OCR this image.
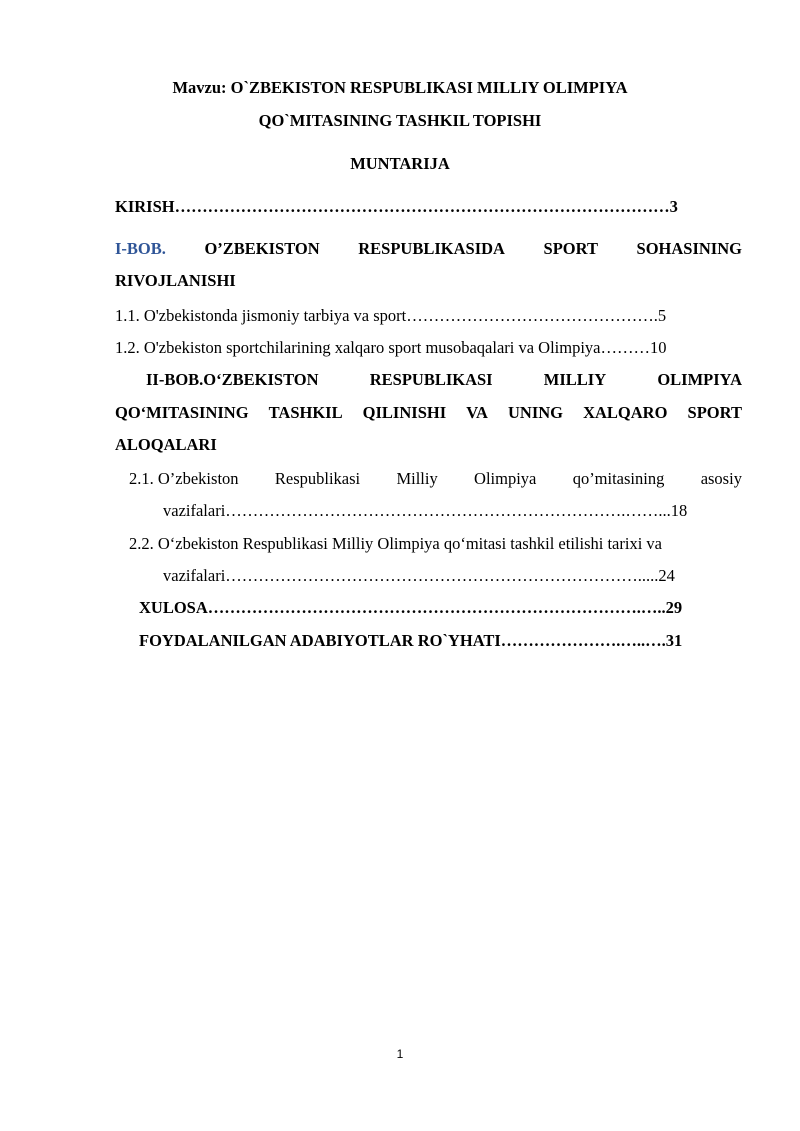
Mavzu: O`ZBEKISTON RESPUBLIKASI MILLIY OLIMPIYA
QO`MITASINING TASHKIL TOPISHI
MUNTARIJA
KIRISH………………………………………………………………………………3
I-BOB. O’ZBEKISTON RESPUBLIKASIDA SPORT SOHASINING
RIVOJLANISHI
1.1. O'zbekistonda jismoniy tarbiya va sport……………………………………….5
1.2. O'zbekiston sportchilarining xalqaro sport musobaqalari va Olimpiya………10
II-BOB.O‘ZBEKISTON	RESPUBLIKASI	MILLIY	OLIMPIYA
QO‘MITASINING TASHKIL QILINISHI VA UNING XALQARO SPORT
ALOQALARI
2.1. O’zbekiston Respublikasi Milliy Olimpiya qo’mitasining asosiy
vazifalari……………………………………………………………….……...18
2.2. O‘zbekiston Respublikasi Milliy Olimpiya qo‘mitasi tashkil etilishi tarixi va
vazifalari………………………………………………………………….....24
XULOSA…………………………………………………………………….…..29
FOYDALANILGAN ADABIYOTLAR RO`YHATI………………….…..….31
1
